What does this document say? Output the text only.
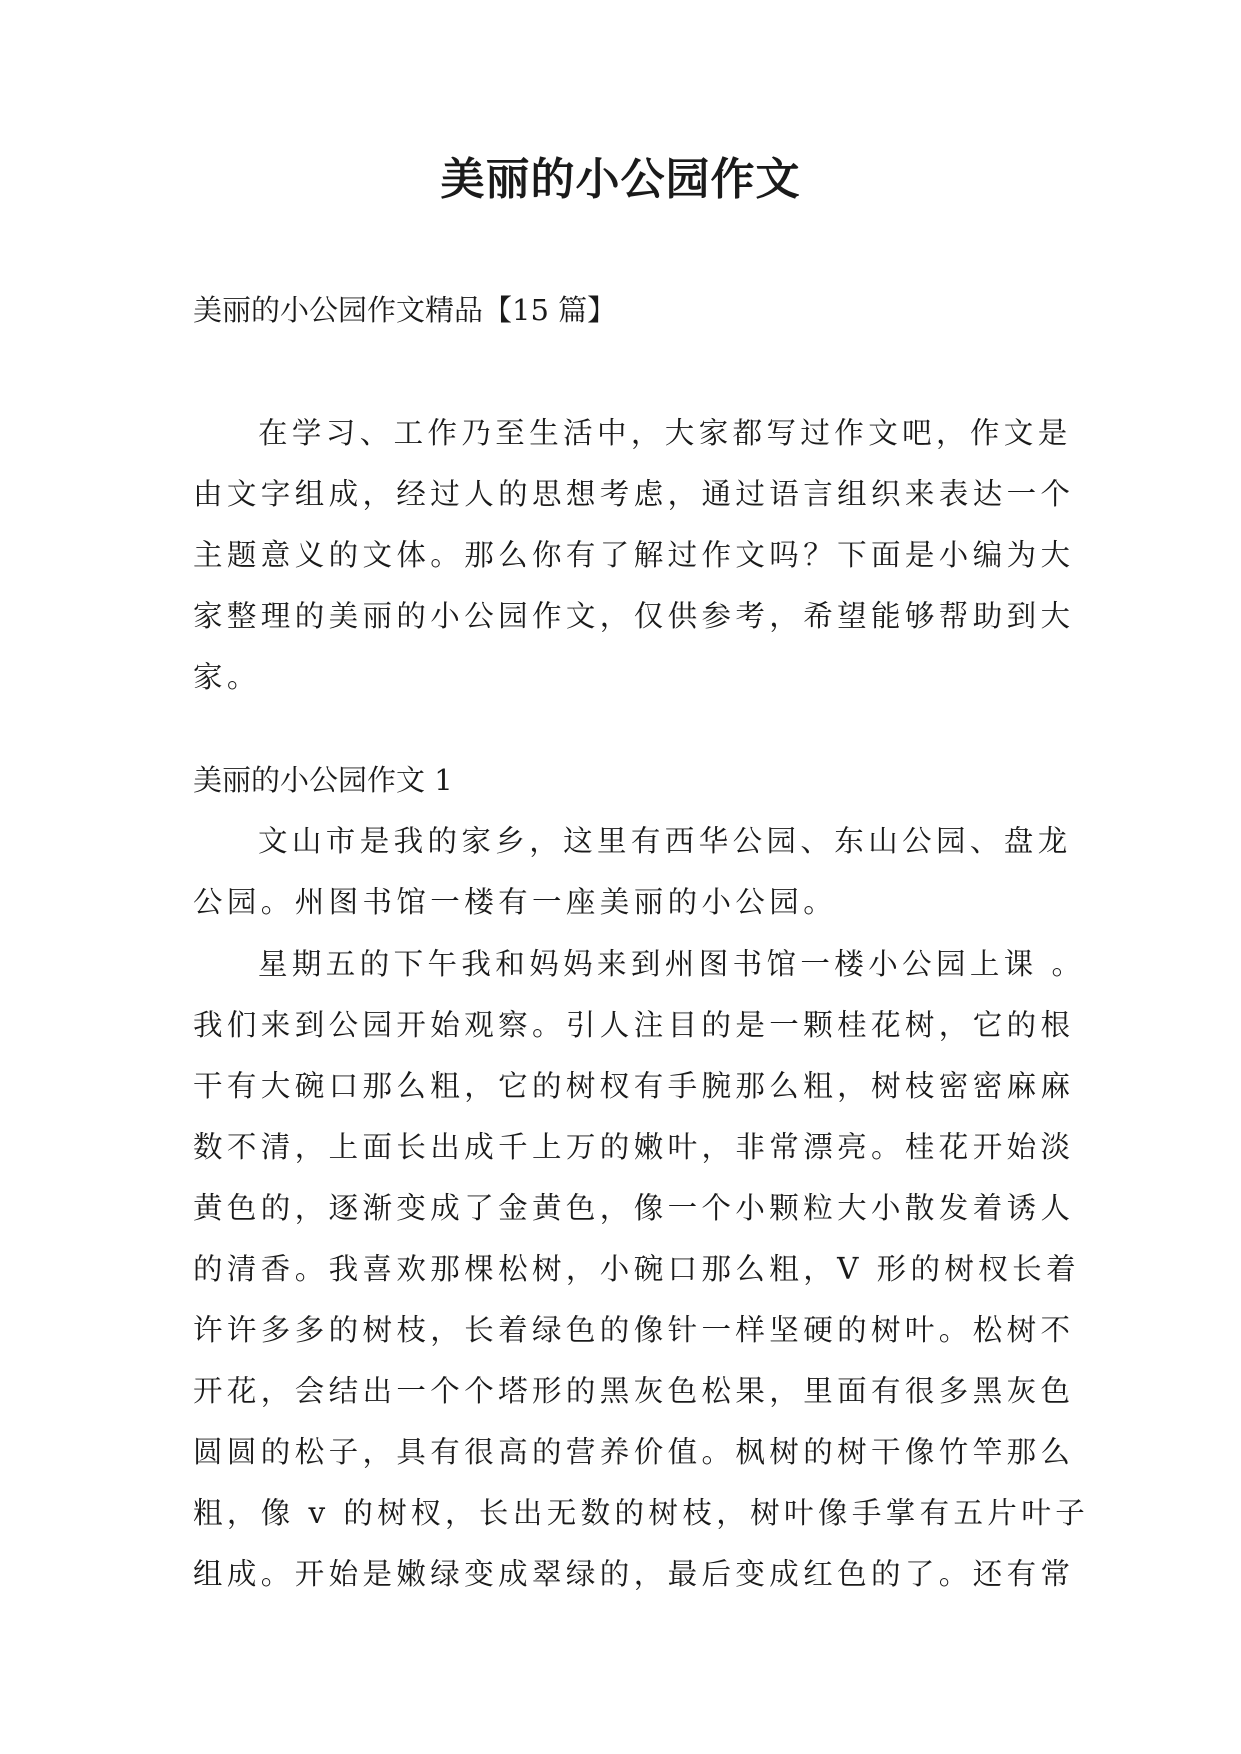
美丽的小公园作文

美丽的小公园作文精品【15 篇】

在学习、工作乃至生活中，大家都写过作文吧，作文是
由文字组成，经过人的思想考虑，通过语言组织来表达一个
主题意义的文体。那么你有了解过作文吗？下面是小编为大
家整理的美丽的小公园作文，仅供参考，希望能够帮助到大
家。

美丽的小公园作文 1

文山市是我的家乡，这里有西华公园、东山公园、盘龙
公园。州图书馆一楼有一座美丽的小公园。
星期五的下午我和妈妈来到州图书馆一楼小公园上课 。
我们来到公园开始观察。引人注目的是一颗桂花树，它的根
干有大碗口那么粗，它的树杈有手腕那么粗，树枝密密麻麻
数不清，上面长出成千上万的嫩叶，非常漂亮。桂花开始淡
黄色的，逐渐变成了金黄色，像一个小颗粒大小散发着诱人
的清香。我喜欢那棵松树，小碗口那么粗，V 形的树杈长着
许许多多的树枝，长着绿色的像针一样坚硬的树叶。松树不
开花，会结出一个个塔形的黑灰色松果，里面有很多黑灰色
圆圆的松子，具有很高的营养价值。枫树的树干像竹竿那么
粗，像 v 的树杈，长出无数的树枝，树叶像手掌有五片叶子
组成。开始是嫩绿变成翠绿的，最后变成红色的了。还有常
